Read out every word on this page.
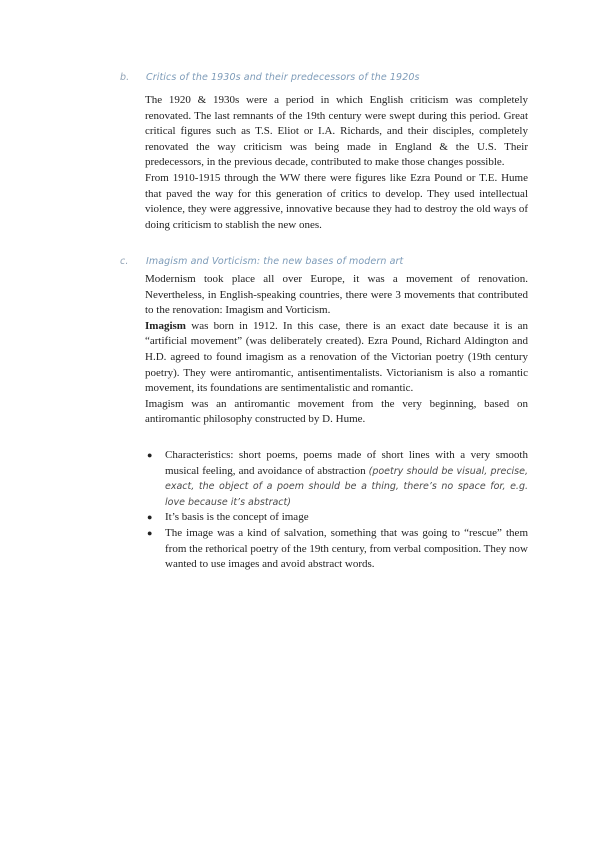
b. Critics of the 1930s and their predecessors of the 1920s

The 1920 & 1930s were a period in which English criticism was completely renovated. The last remnants of the 19th century were swept during this period. Great critical figures such as T.S. Eliot or I.A. Richards, and their disciples, completely renovated the way criticism was being made in England & the U.S. Their predecessors, in the previous decade, contributed to make those changes possible.

From 1910-1915 through the WW there were figures like Ezra Pound or T.E. Hume that paved the way for this generation of critics to develop. They used intellectual violence, they were aggressive, innovative because they had to destroy the old ways of doing criticism to stablish the new ones.

c. Imagism and Vorticism: the new bases of modern art

Modernism took place all over Europe, it was a movement of renovation. Nevertheless, in English-speaking countries, there were 3 movements that contributed to the renovation: Imagism and Vorticism.

Imagism was born in 1912. In this case, there is an exact date because it is an “artificial movement” (was deliberately created). Ezra Pound, Richard Aldington and H.D. agreed to found imagism as a renovation of the Victorian poetry (19th century poetry). They were antiromantic, antisentimentalists. Victorianism is also a romantic movement, its foundations are sentimentalistic and romantic.

Imagism was an antiromantic movement from the very beginning, based on antiromantic philosophy constructed by D. Hume.

● Characteristics: short poems, poems made of short lines with a very smooth musical feeling, and avoidance of abstraction (poetry should be visual, precise, exact, the object of a poem should be a thing, there’s no space for, e.g. love because it’s abstract)
● It’s basis is the concept of image
● The image was a kind of salvation, something that was going to “rescue” them from the rethorical poetry of the 19th century, from verbal composition. They now wanted to use images and avoid abstract words.
